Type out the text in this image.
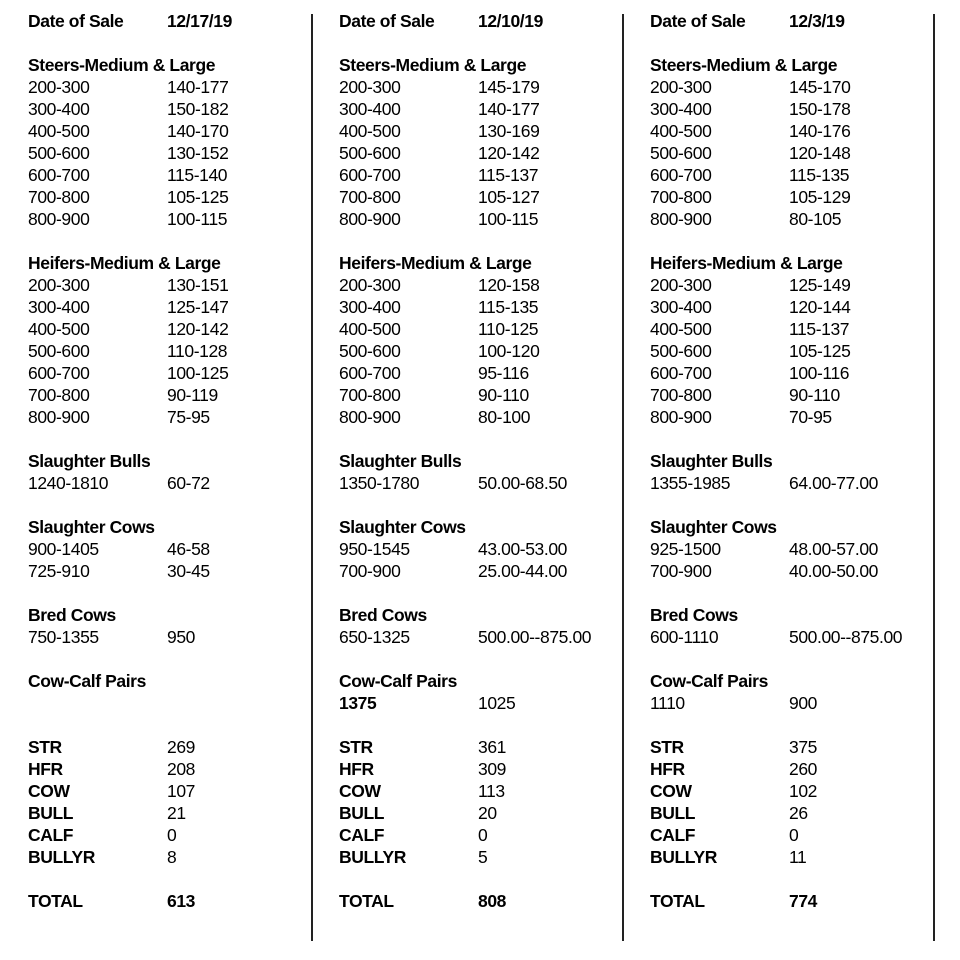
Date of Sale	12/17/19
Steers-Medium & Large
200-300	140-177
300-400	150-182
400-500	140-170
500-600	130-152
600-700	115-140
700-800	105-125
800-900	100-115
Heifers-Medium & Large
200-300	130-151
300-400	125-147
400-500	120-142
500-600	110-128
600-700	100-125
700-800	90-119
800-900	75-95
Slaughter Bulls
1240-1810	60-72
Slaughter Cows
900-1405	46-58
725-910	30-45
Bred Cows
750-1355	950
Cow-Calf Pairs
STR	269
HFR	208
COW	107
BULL	21
CALF	0
BULLYR	8
TOTAL	613
Date of Sale	12/10/19
Steers-Medium & Large
200-300	145-179
300-400	140-177
400-500	130-169
500-600	120-142
600-700	115-137
700-800	105-127
800-900	100-115
Heifers-Medium & Large
200-300	120-158
300-400	115-135
400-500	110-125
500-600	100-120
600-700	95-116
700-800	90-110
800-900	80-100
Slaughter Bulls
1350-1780	50.00-68.50
Slaughter Cows
950-1545	43.00-53.00
700-900	25.00-44.00
Bred Cows
650-1325	500.00--875.00
Cow-Calf Pairs
1375	1025
STR	361
HFR	309
COW	113
BULL	20
CALF	0
BULLYR	5
TOTAL	808
Date of Sale	12/3/19
Steers-Medium & Large
200-300	145-170
300-400	150-178
400-500	140-176
500-600	120-148
600-700	115-135
700-800	105-129
800-900	80-105
Heifers-Medium & Large
200-300	125-149
300-400	120-144
400-500	115-137
500-600	105-125
600-700	100-116
700-800	90-110
800-900	70-95
Slaughter Bulls
1355-1985	64.00-77.00
Slaughter Cows
925-1500	48.00-57.00
700-900	40.00-50.00
Bred Cows
600-1110	500.00--875.00
Cow-Calf Pairs
1110	900
STR	375
HFR	260
COW	102
BULL	26
CALF	0
BULLYR	11
TOTAL	774
